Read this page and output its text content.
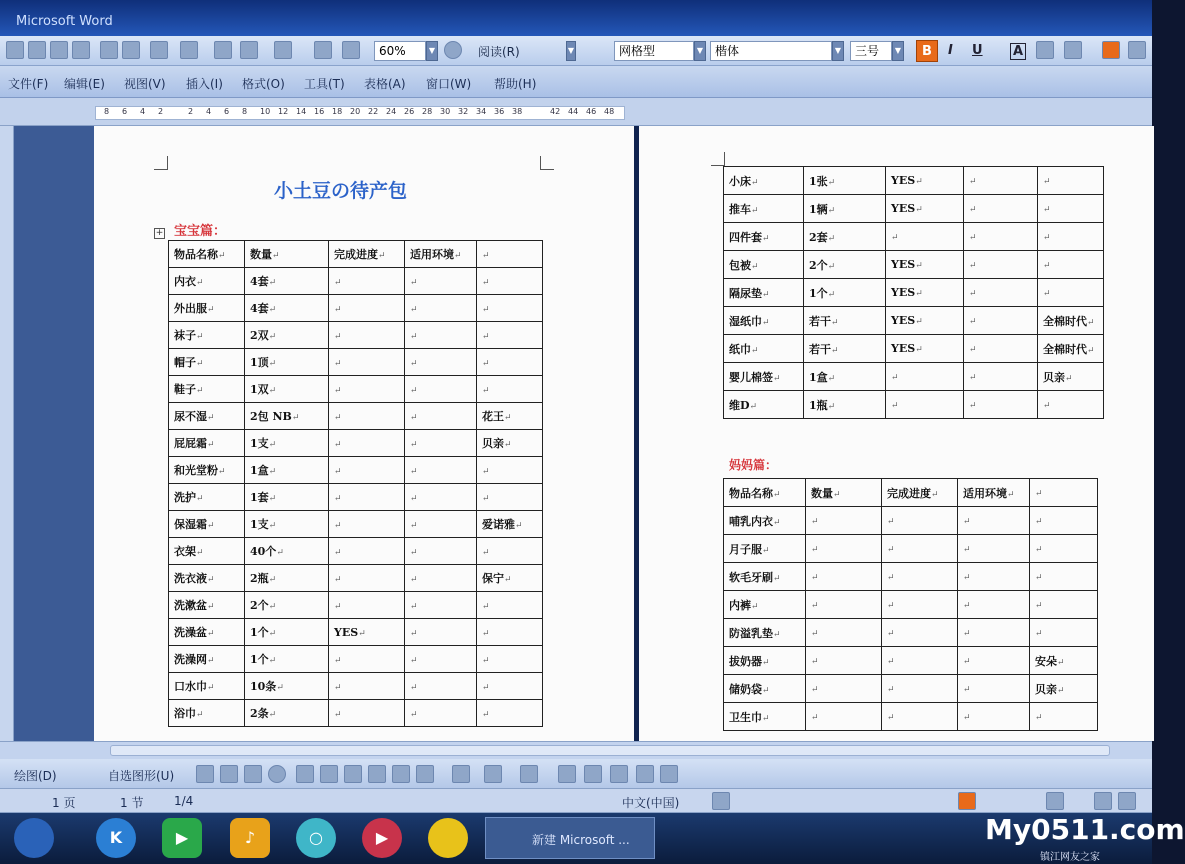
Microsoft Word
60%	▼	阅读(R)	▼	网格型	▼ 楷体	▼	三号	▼	B	I U A
文件(F) 编辑(E) 视图(V) 插入(I) 格式(O) 工具(T) 表格(A) 窗口(W) 帮助(H)
8 6 4 2	2 4 6 8 10 12 14 16 18 20 22 24 26 28 30 32 34 36 38	42 44 46 48
小土豆の待产包
宝宝篇：
+
物品名称↵	数量↵	完成进度↵	适用环境↵	↵
内衣↵	4套↵	↵	↵	↵
外出服↵	4套↵	↵	↵	↵
袜子↵	2双↵	↵	↵	↵
帽子↵	1顶↵	↵	↵	↵
鞋子↵	1双↵	↵	↵	↵
尿不湿↵	2包 NB↵	↵	↵	花王↵
屁屁霜↵	1支↵	↵	↵	贝亲↵
和光堂粉↵	1盒↵	↵	↵	↵
洗护↵	1套↵	↵	↵	↵
保湿霜↵	1支↵	↵	↵	爱诺雅↵
衣架↵	40个↵	↵	↵	↵
洗衣液↵	2瓶↵	↵	↵	保宁↵
洗漱盆↵	2个↵	↵	↵	↵
洗澡盆↵	1个↵	YES↵	↵	↵
洗澡网↵	1个↵	↵	↵	↵
口水巾↵	10条↵	↵	↵	↵
浴巾↵	2条↵	↵	↵	↵
小床↵	1张↵	YES↵	↵	↵
推车↵	1辆↵	YES↵	↵	↵
四件套↵	2套↵	↵	↵	↵
包被↵	2个↵	YES↵	↵	↵
隔尿垫↵	1个↵	YES↵	↵	↵
湿纸巾↵	若干↵	YES↵	↵	全棉时代↵
纸巾↵	若干↵	YES↵	↵	全棉时代↵
婴儿棉签↵	1盒↵	↵	↵	贝亲↵
维D↵	1瓶↵	↵	↵	↵
妈妈篇：
物品名称↵	数量↵	完成进度↵	适用环境↵	↵
哺乳内衣↵	↵	↵	↵	↵
月子服↵	↵	↵	↵	↵
软毛牙刷↵	↵	↵	↵	↵
内裤↵	↵	↵	↵	↵
防溢乳垫↵	↵	↵	↵	↵
拔奶器↵	↵	↵	↵	安朵↵
储奶袋↵	↵	↵	↵	贝亲↵
卫生巾↵	↵	↵	↵	↵
绘图(D)	自选图形(U)
1 页	1 节	1/4	中文(中国)
K	▶	♪	○	▶	新建 Microsoft ...	My0511.com
镇江网友之家
